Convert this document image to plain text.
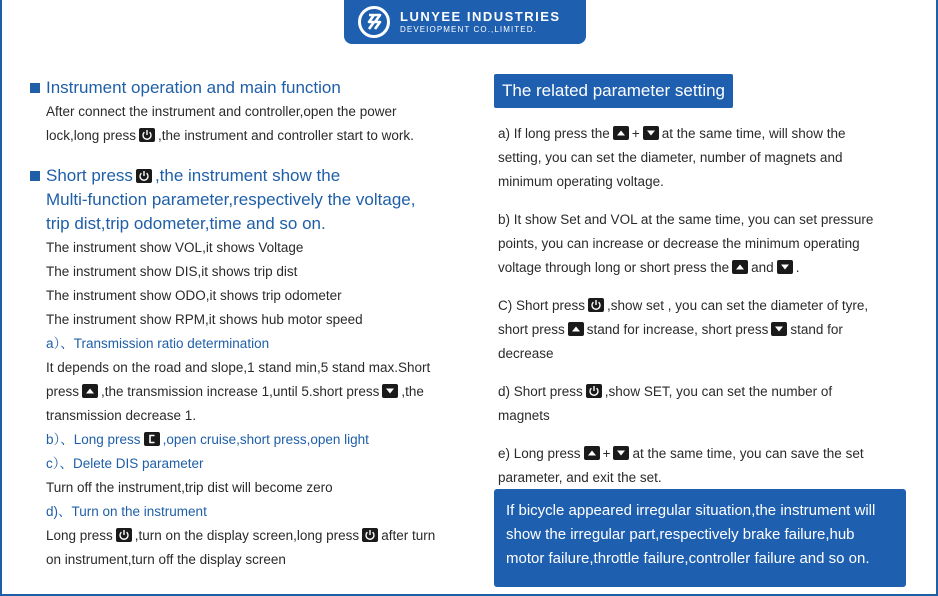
LUNYEE INDUSTRIES
DEVEIOPMENT CO.,LIMITED.
Instrument operation and main function
After connect the instrument and controller,open the power
lock,long press ,the instrument and controller start to work.
Short press ,the instrument show the
Multi-function parameter,respectively the voltage,
trip dist,trip odometer,time and so on.
The instrument show VOL,it shows Voltage
The instrument show DIS,it shows trip dist
The instrument show ODO,it shows trip odometer
The instrument show RPM,it shows hub motor speed
a）、Transmission ratio determination
It depends on the road and slope,1 stand min,5 stand max.Short
press ,the transmission increase 1,until 5.short press ,the
transmission decrease 1.
b）、Long press ,open cruise,short press,open light
c）、Delete DIS parameter
Turn off the instrument,trip dist will become zero
d)、Turn on the instrument
Long press ,turn on the display screen,long press after turn
on instrument,turn off the display screen
The related parameter setting
a) If long press the + at the same time, will show the
setting, you can set the diameter, number of magnets and
minimum operating voltage.
b) It show Set and VOL at the same time, you can set pressure
points, you can increase or decrease the minimum operating
voltage through long or short press the and .
C) Short press ,show set , you can set the diameter of tyre,
short press stand for increase, short press stand for
decrease
d) Short press ,show SET, you can set the number of
magnets
e) Long press + at the same time, you can save the set
parameter, and exit the set.
If bicycle appeared irregular situation,the instrument will show the irregular part,respectively brake failure,hub motor failure,throttle failure,controller failure and so on.
